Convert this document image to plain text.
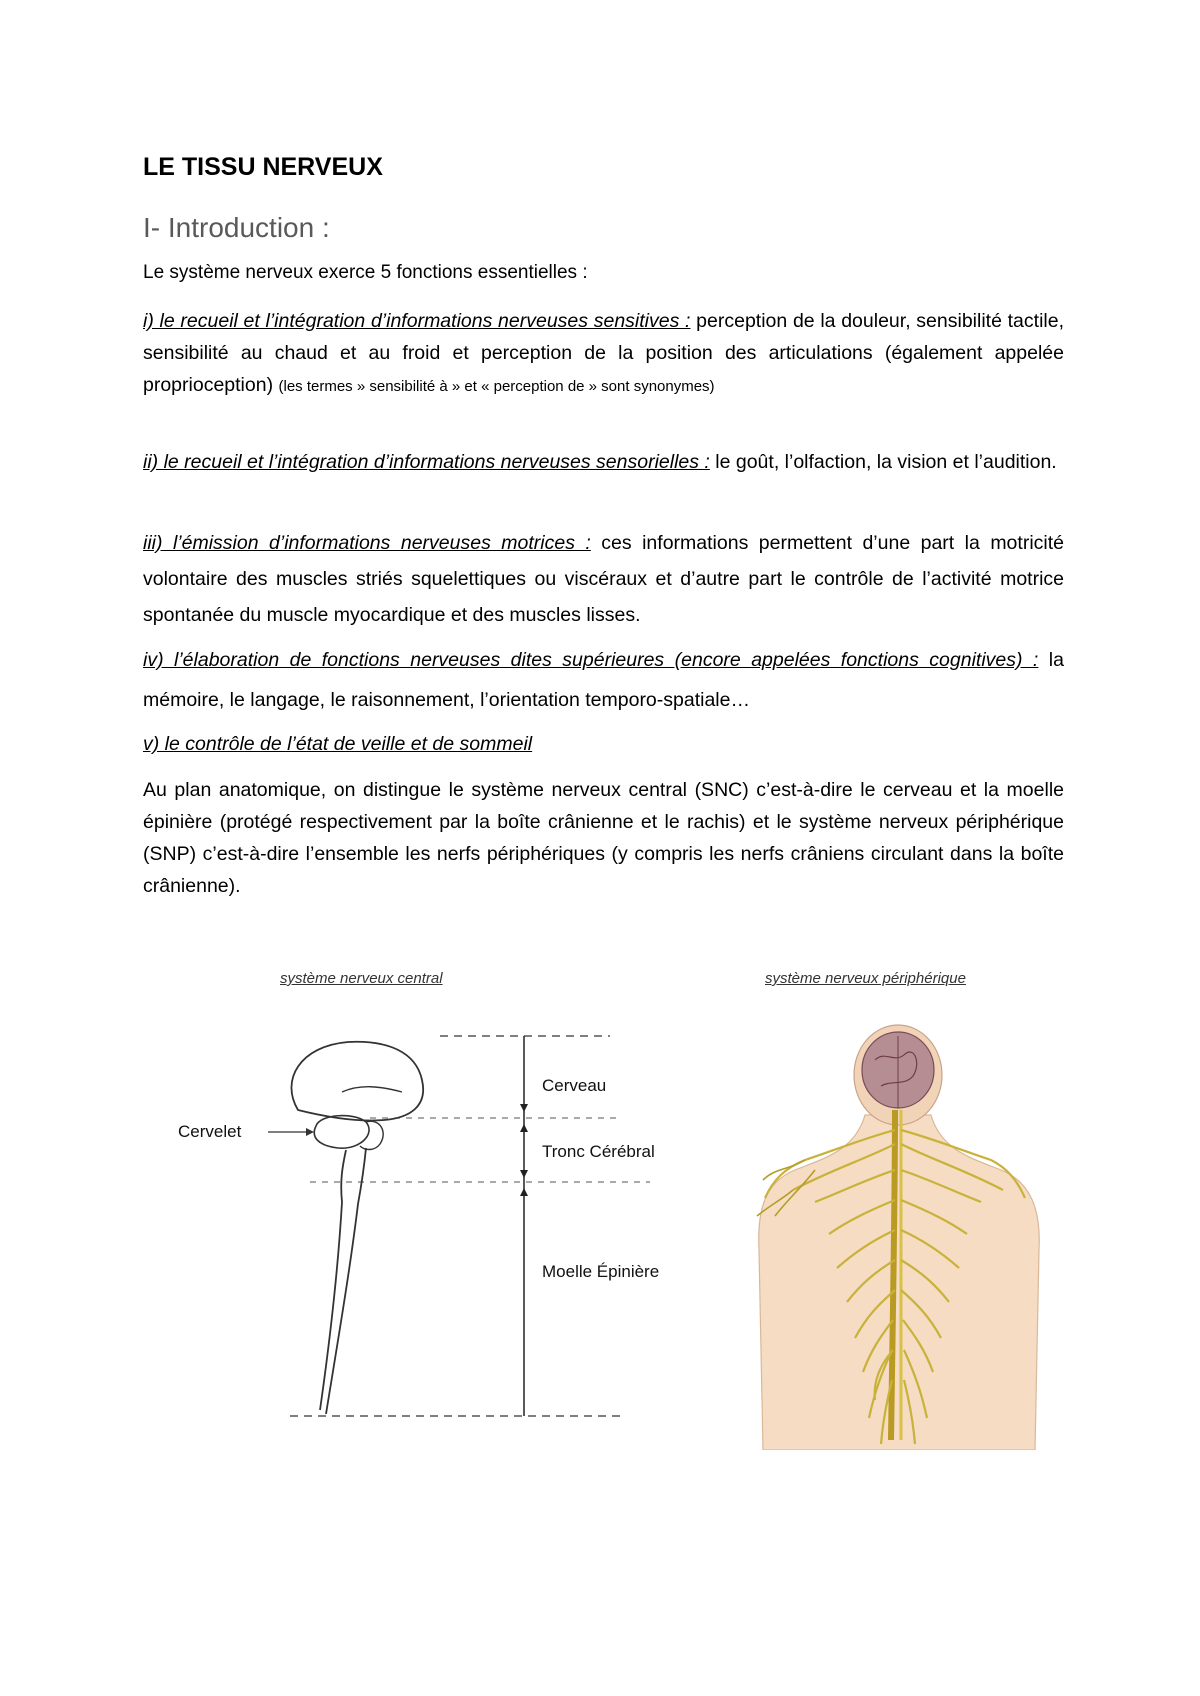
LE TISSU NERVEUX
I- Introduction :
Le système nerveux exerce 5 fonctions essentielles :
i) le recueil et l’intégration d’informations nerveuses sensitives : perception de la douleur, sensibilité tactile, sensibilité au chaud et au froid et perception de la position des articulations (également appelée proprioception) (les termes » sensibilité à » et « perception de » sont synonymes)
ii) le recueil et l’intégration d’informations nerveuses sensorielles : le goût, l’olfaction, la vision et l’audition.
iii) l’émission d’informations nerveuses motrices : ces informations permettent d’une part la motricité volontaire des muscles striés squelettiques ou viscéraux et d’autre part le contrôle de l’activité motrice spontanée du muscle myocardique et des muscles lisses.
iv) l’élaboration de fonctions nerveuses dites supérieures (encore appelées fonctions cognitives) : la mémoire, le langage, le raisonnement, l’orientation temporo-spatiale…
v) le contrôle de l’état de veille et de sommeil
Au plan anatomique, on distingue le système nerveux central (SNC) c’est-à-dire le cerveau et la moelle épinière (protégé respectivement par la boîte crânienne et le rachis) et le système nerveux périphérique (SNP) c’est-à-dire l’ensemble les nerfs périphériques (y compris les nerfs crâniens circulant dans la boîte crânienne).
système nerveux central	système nerveux périphérique
Cervelet
Cerveau
Tronc Cérébral
Moelle Épinière
